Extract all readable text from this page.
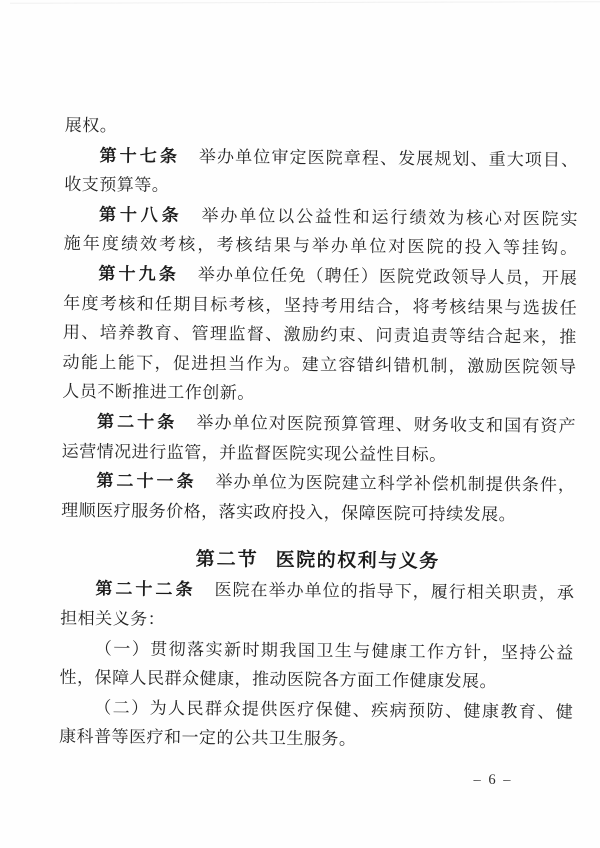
展权。
第十七条 举办单位审定医院章程、发展规划、重大项目、
收支预算等。
第十八条 举办单位以公益性和运行绩效为核心对医院实
施年度绩效考核，考核结果与举办单位对医院的投入等挂钩。
第十九条 举办单位任免（聘任）医院党政领导人员，开展
年度考核和任期目标考核，坚持考用结合，将考核结果与选拔任
用、培养教育、管理监督、激励约束、问责追责等结合起来，推
动能上能下，促进担当作为。建立容错纠错机制，激励医院领导
人员不断推进工作创新。
第二十条 举办单位对医院预算管理、财务收支和国有资产
运营情况进行监管，并监督医院实现公益性目标。
第二十一条 举办单位为医院建立科学补偿机制提供条件，
理顺医疗服务价格，落实政府投入，保障医院可持续发展。
第二节 医院的权利与义务
第二十二条 医院在举办单位的指导下，履行相关职责，承
担相关义务：
（一）贯彻落实新时期我国卫生与健康工作方针，坚持公益
性，保障人民群众健康，推动医院各方面工作健康发展。
（二）为人民群众提供医疗保健、疾病预防、健康教育、健
康科普等医疗和一定的公共卫生服务。
– 6 –
